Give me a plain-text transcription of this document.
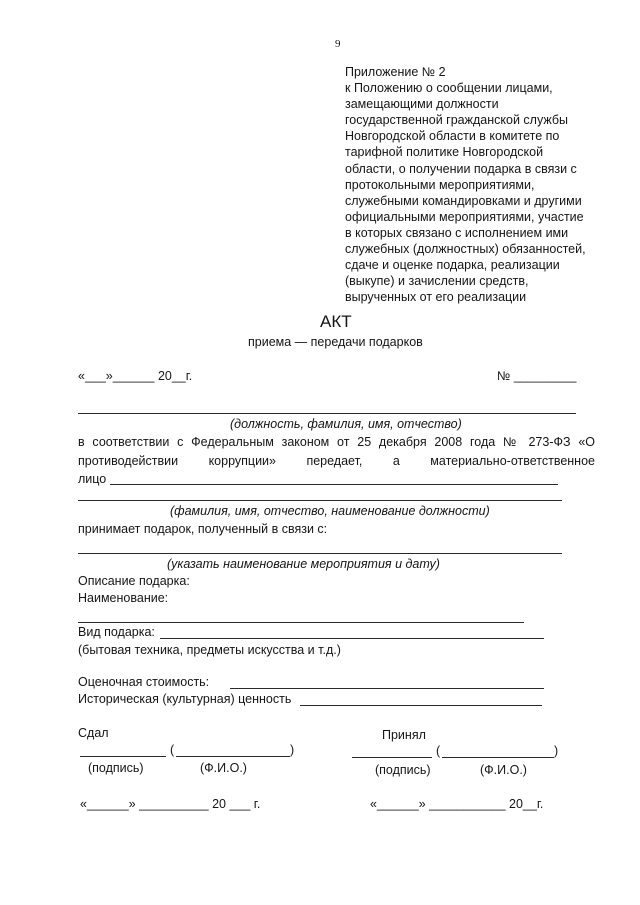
9
Приложение № 2
к Положению о сообщении лицами,
замещающими должности
государственной гражданской службы
Новгородской области в комитете по
тарифной политике Новгородской
области, о получении подарка в связи с
протокольными мероприятиями,
служебными командировками и другими
официальными мероприятиями, участие
в которых связано с исполнением ими
служебных (должностных) обязанностей,
сдаче и оценке подарка, реализации
(выкупе) и зачислении средств,
вырученных от его реализации
АКТ
приема — передачи подарков
«___»______ 20__г.	№ _________
(должность, фамилия, имя, отчество)
в соответствии с Федеральным законом от 25 декабря 2008 года № 273-ФЗ «О
противодействии коррупции» передает, а материально-ответственное
лицо
(фамилия, имя, отчество, наименование должности)
принимает подарок, полученный в связи с:
(указать наименование мероприятия и дату)
Описание подарка:
Наименование:
Вид подарка:
(бытовая техника, предметы искусства и т.д.)
Оценочная стоимость:
Историческая (культурная) ценность
Сдал
(	)
(подпись)	(Ф.И.О.)
Принял
(	)
(подпись)	(Ф.И.О.)
«______» __________ 20 ___ г.	«______» ___________ 20__г.
